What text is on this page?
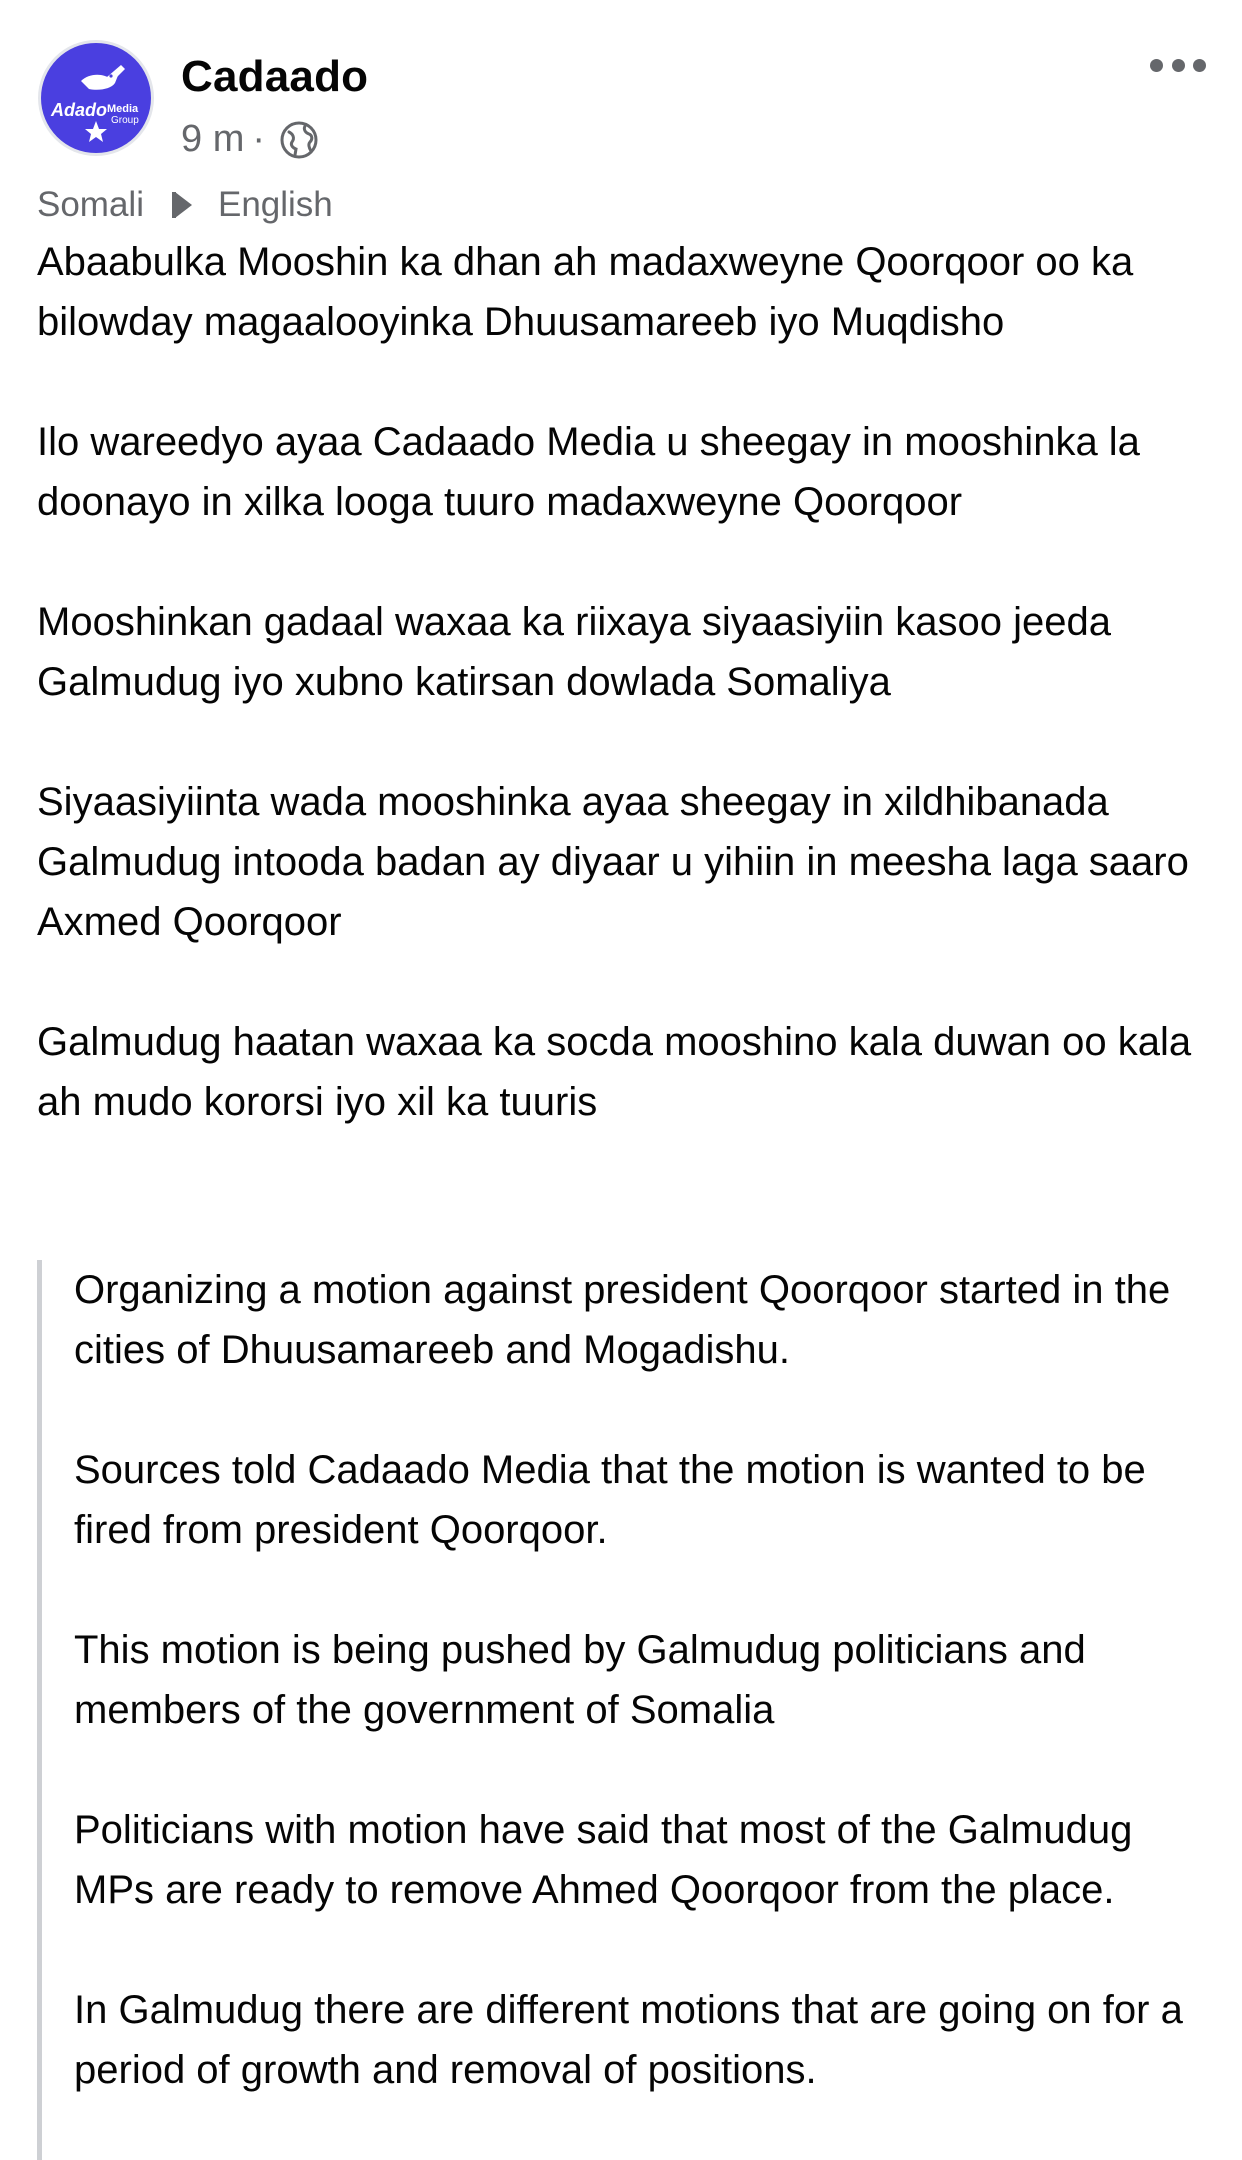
Adado Media
Group
Cadaado
9 m ·
Somali English

Abaabulka Mooshin ka dhan ah madaxweyne Qoorqoor oo ka bilowday magaalooyinka Dhuusamareeb iyo Muqdisho

Ilo wareedyo ayaa Cadaado Media u sheegay in mooshinka la doonayo in xilka looga tuuro madaxweyne Qoorqoor

Mooshinkan gadaal waxaa ka riixaya siyaasiyiin kasoo jeeda Galmudug iyo xubno katirsan dowlada Somaliya

Siyaasiyiinta wada mooshinka ayaa sheegay in xildhibanada Galmudug intooda badan ay diyaar u yihiin in meesha laga saaro Axmed Qoorqoor

Galmudug haatan waxaa ka socda mooshino kala duwan oo kala ah mudo kororsi iyo xil ka tuuris

Organizing a motion against president Qoorqoor started in the cities of Dhuusamareeb and Mogadishu.

Sources told Cadaado Media that the motion is wanted to be fired from president Qoorqoor.

This motion is being pushed by Galmudug politicians and members of the government of Somalia

Politicians with motion have said that most of the Galmudug MPs are ready to remove Ahmed Qoorqoor from the place.

In Galmudug there are different motions that are going on for a period of growth and removal of positions.
